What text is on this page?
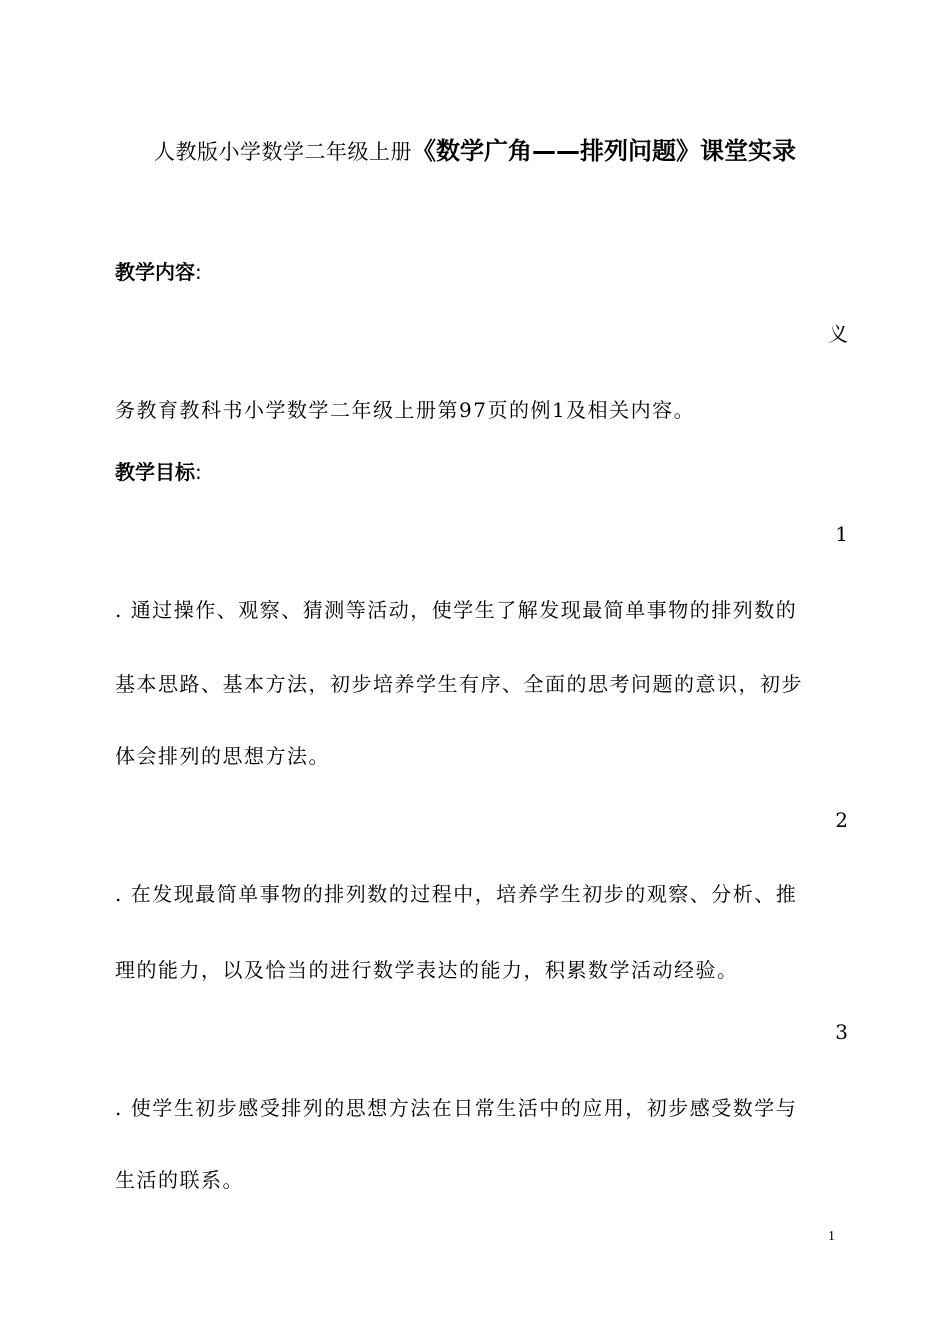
人教版小学数学二年级上册《数学广角——排列问题》课堂实录
教学内容:
义
务教育教科书小学数学二年级上册第97页的例1及相关内容。
教学目标:
1
. 通过操作、观察、猜测等活动，使学生了解发现最简单事物的排列数的
基本思路、基本方法，初步培养学生有序、全面的思考问题的意识，初步
体会排列的思想方法。
2
. 在发现最简单事物的排列数的过程中，培养学生初步的观察、分析、推
理的能力，以及恰当的进行数学表达的能力，积累数学活动经验。
3
. 使学生初步感受排列的思想方法在日常生活中的应用，初步感受数学与
生活的联系。
1
